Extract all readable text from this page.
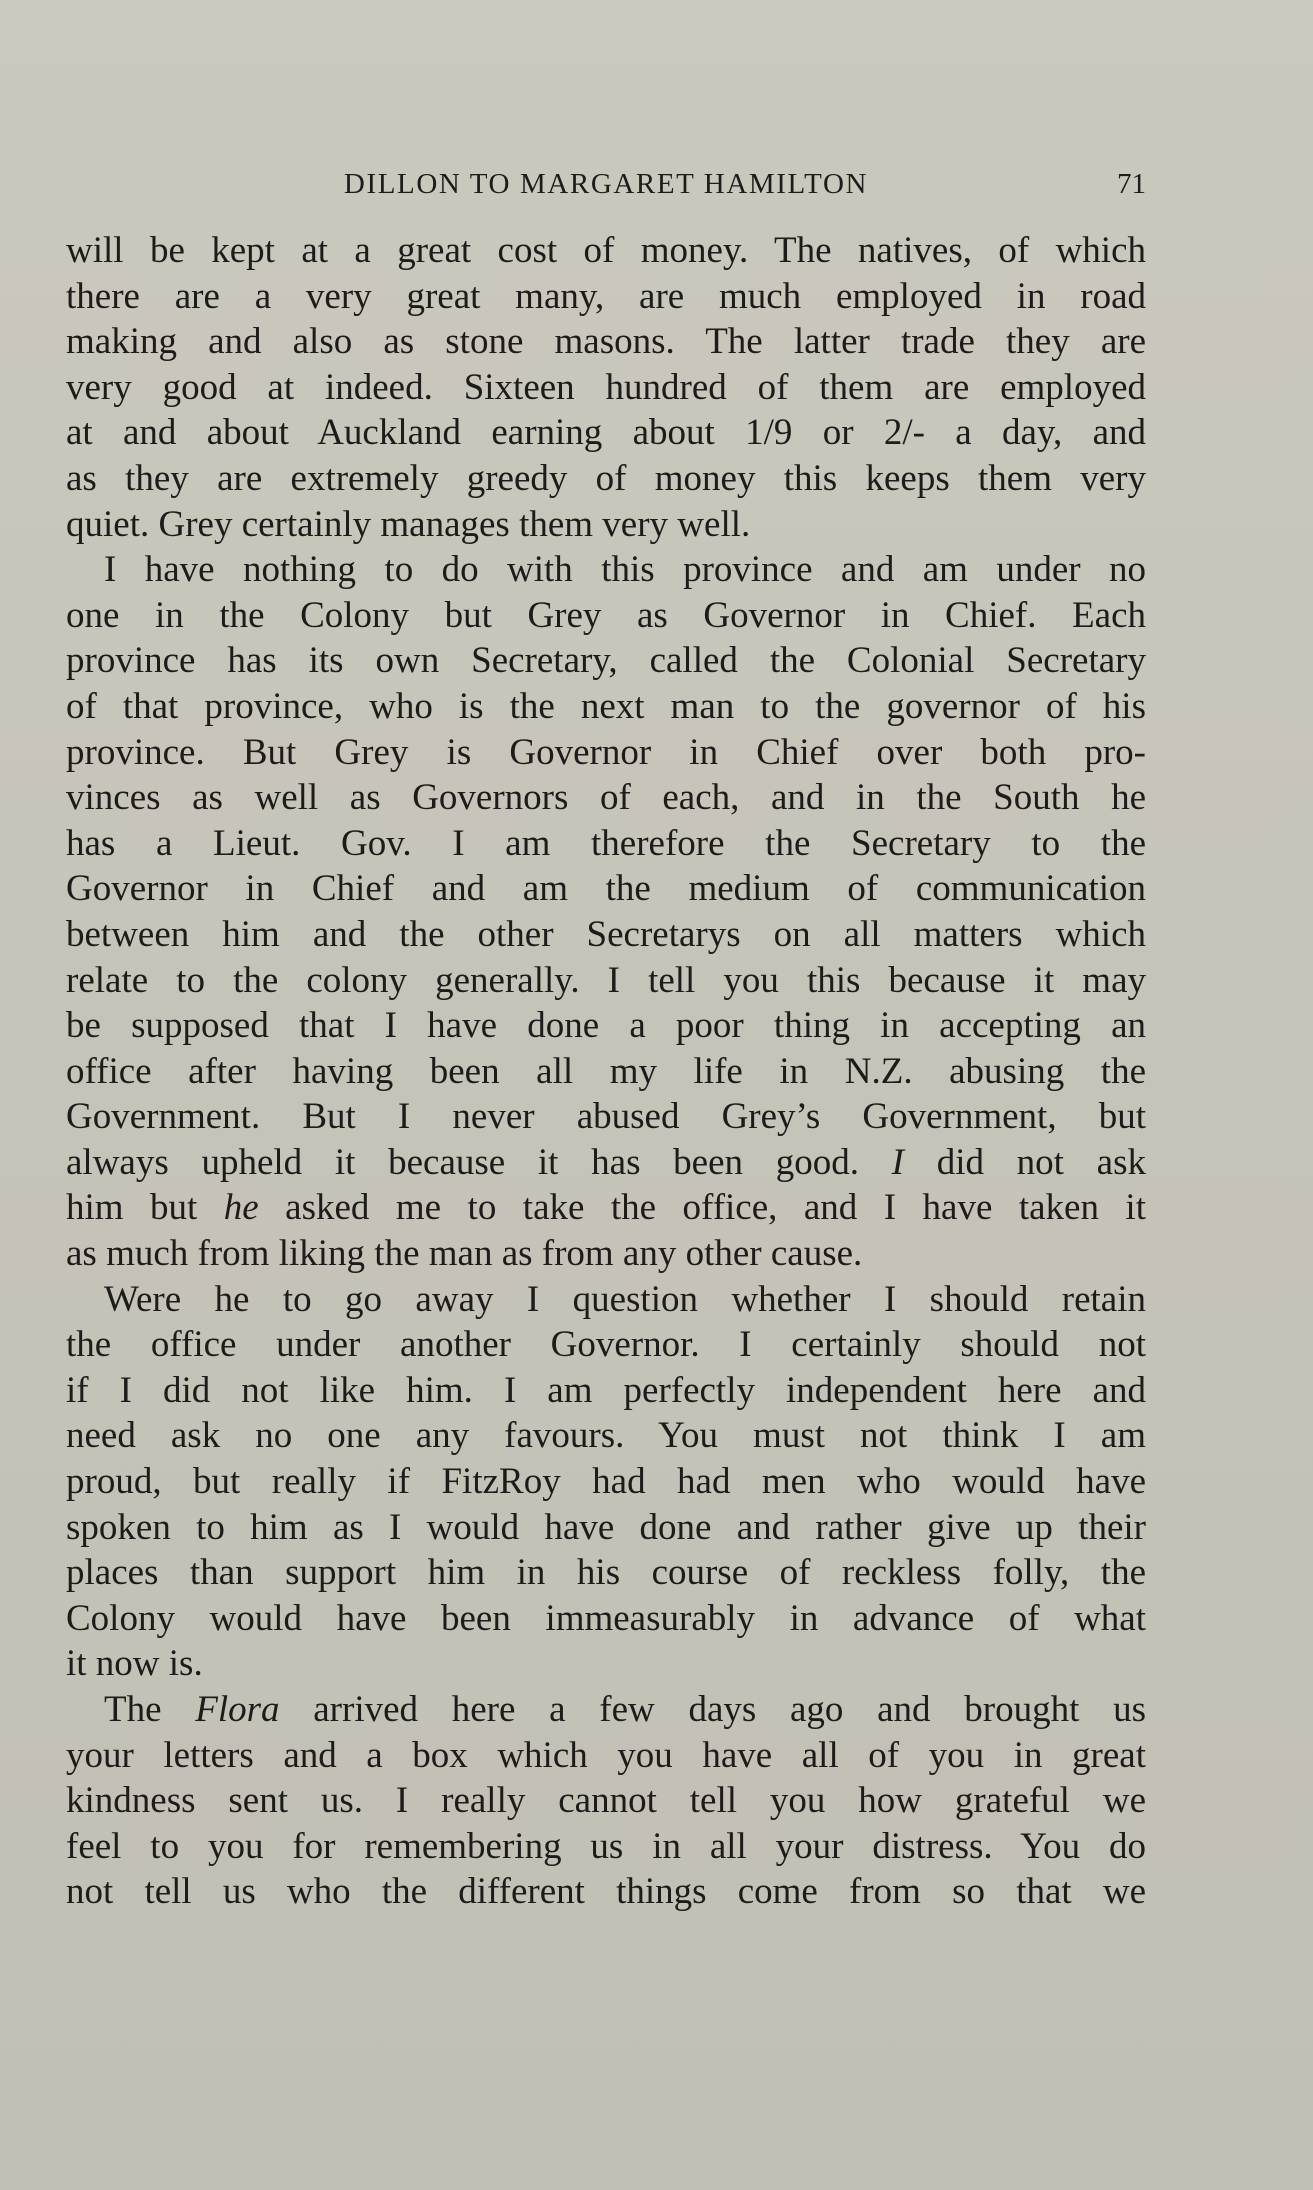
DILLON TO MARGARET HAMILTON	71
will be kept at a great cost of money. The natives, of which
there are a very great many, are much employed in road
making and also as stone masons. The latter trade they are
very good at indeed. Sixteen hundred of them are employed
at and about Auckland earning about 1/9 or 2/- a day, and
as they are extremely greedy of money this keeps them very
quiet. Grey certainly manages them very well.
I have nothing to do with this province and am under no
one in the Colony but Grey as Governor in Chief. Each
province has its own Secretary, called the Colonial Secretary
of that province, who is the next man to the governor of his
province. But Grey is Governor in Chief over both pro-
vinces as well as Governors of each, and in the South he
has a Lieut. Gov. I am therefore the Secretary to the
Governor in Chief and am the medium of communication
between him and the other Secretarys on all matters which
relate to the colony generally. I tell you this because it may
be supposed that I have done a poor thing in accepting an
office after having been all my life in N.Z. abusing the
Government. But I never abused Grey’s Government, but
always upheld it because it has been good. I did not ask
him but he asked me to take the office, and I have taken it
as much from liking the man as from any other cause.
Were he to go away I question whether I should retain
the office under another Governor. I certainly should not
if I did not like him. I am perfectly independent here and
need ask no one any favours. You must not think I am
proud, but really if FitzRoy had had men who would have
spoken to him as I would have done and rather give up their
places than support him in his course of reckless folly, the
Colony would have been immeasurably in advance of what
it now is.
The Flora arrived here a few days ago and brought us
your letters and a box which you have all of you in great
kindness sent us. I really cannot tell you how grateful we
feel to you for remembering us in all your distress. You do
not tell us who the different things come from so that we
